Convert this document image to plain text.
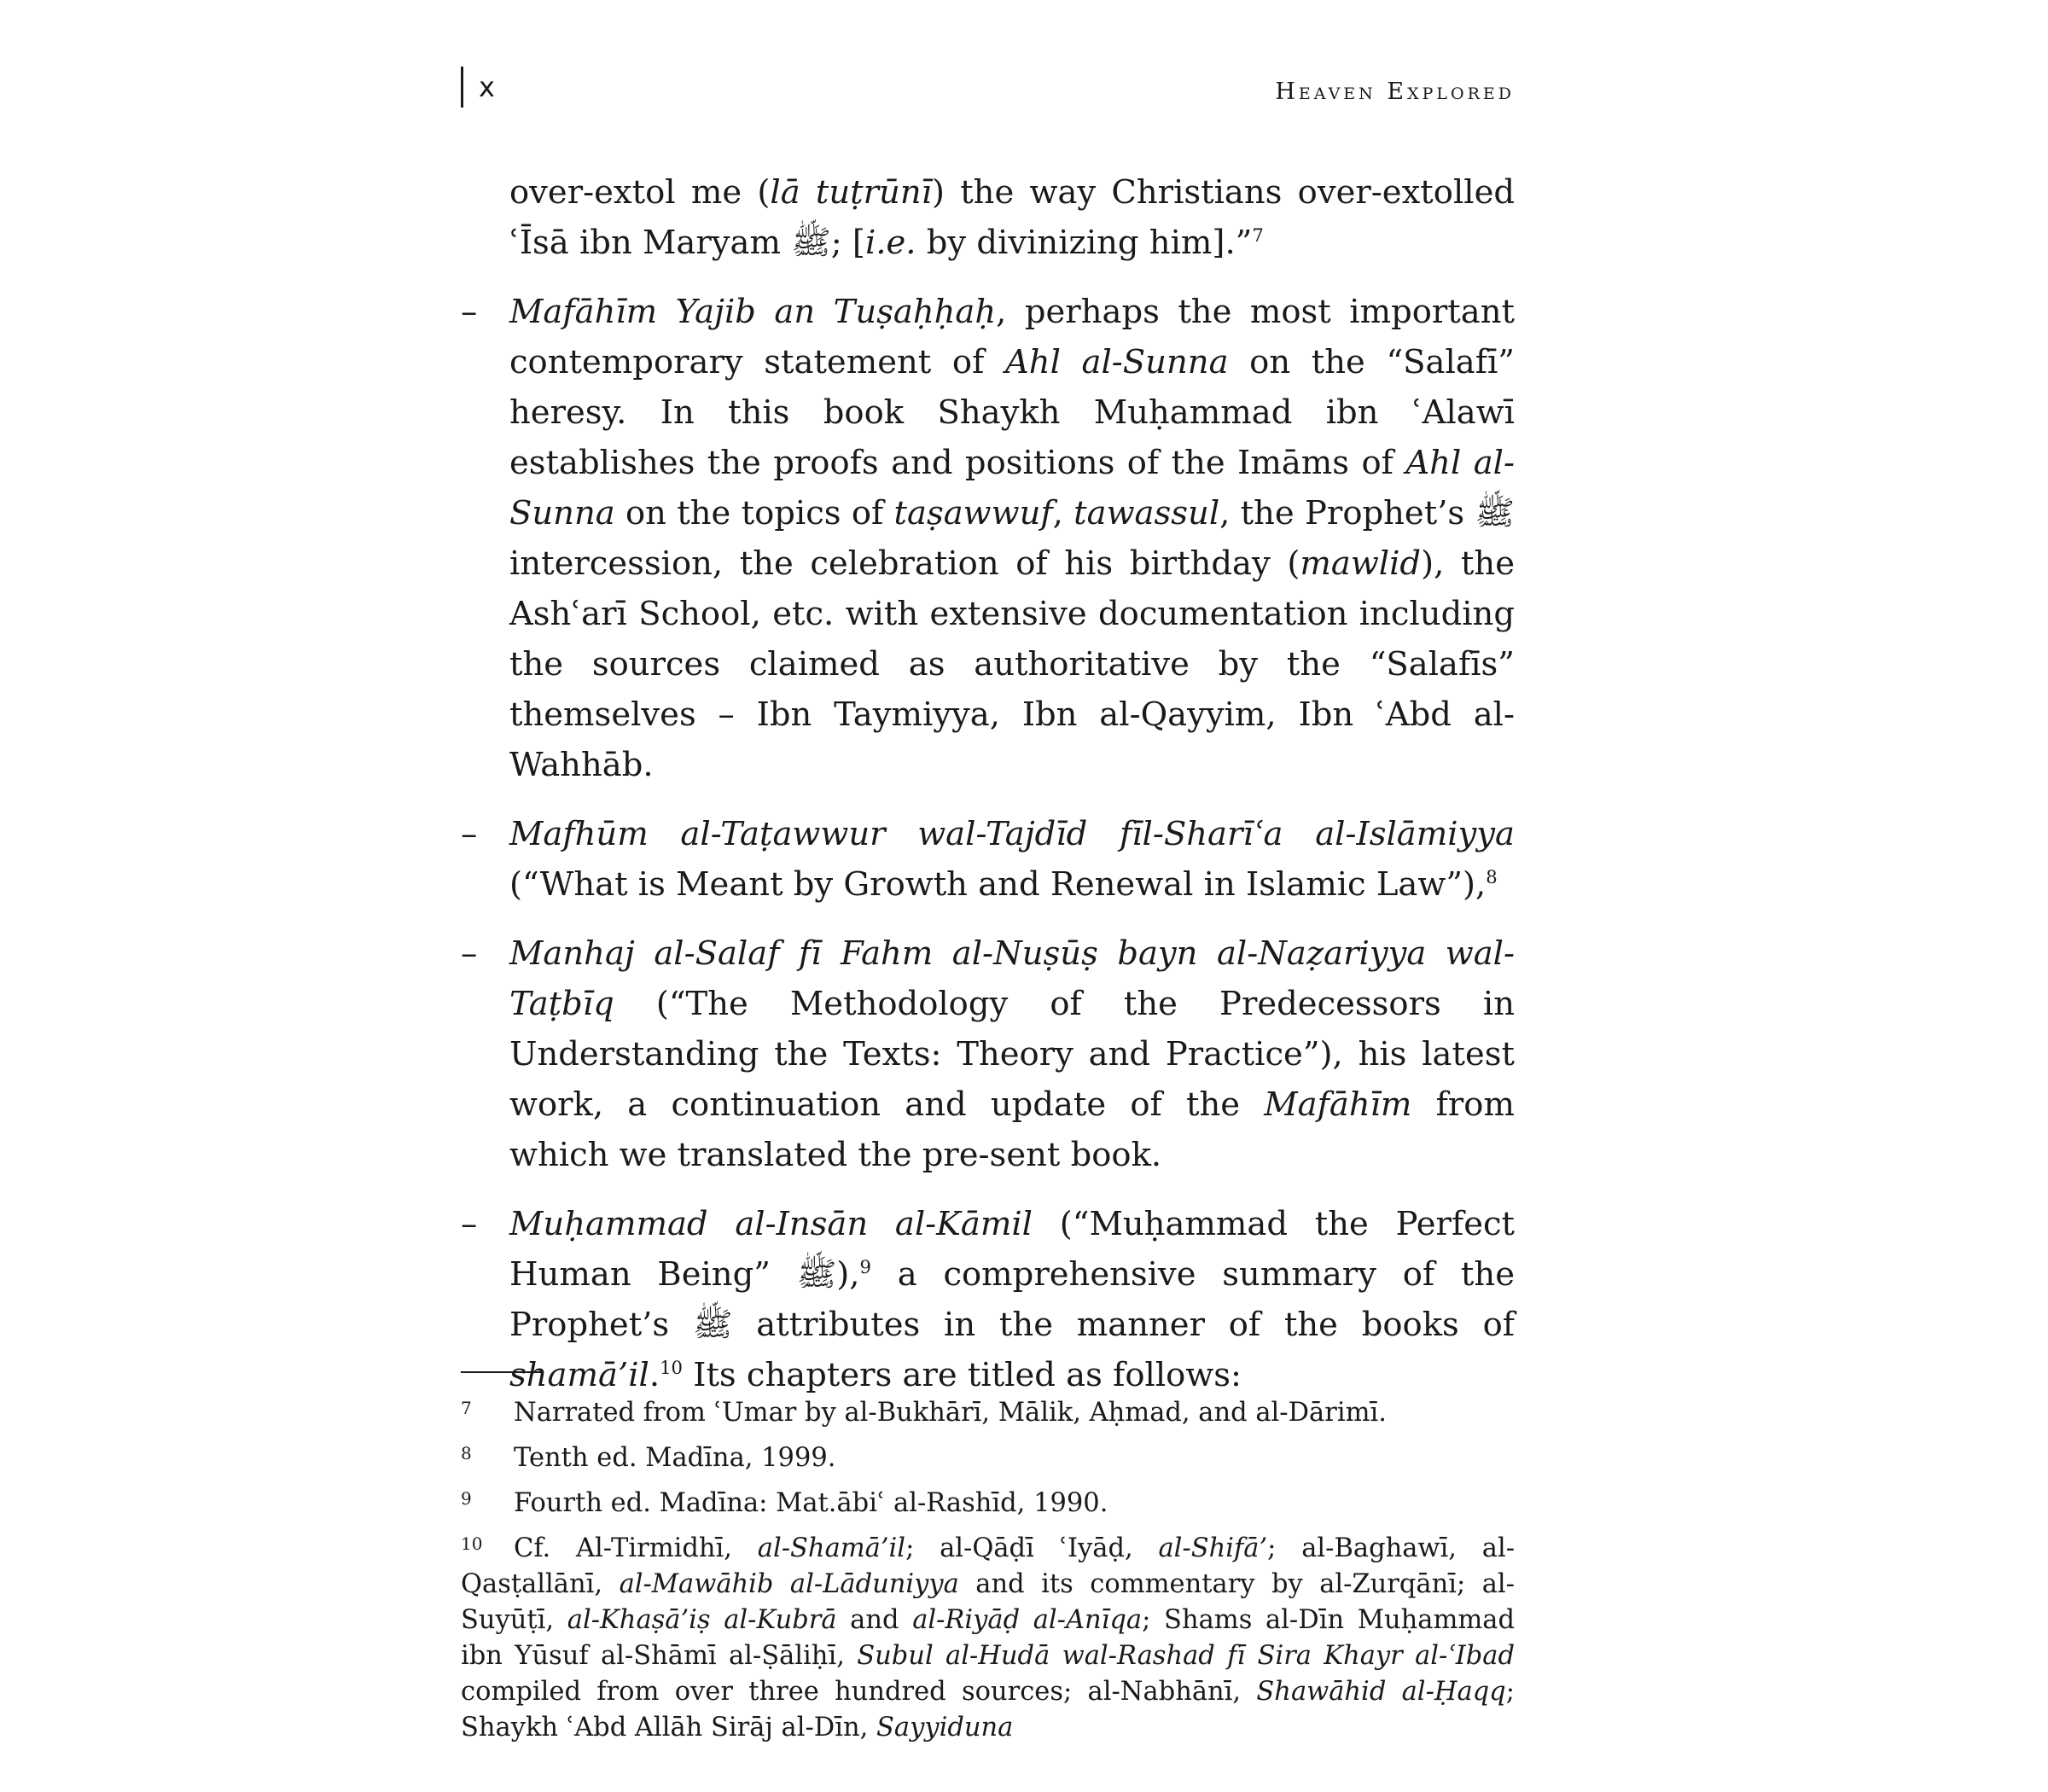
x	Heaven Explored

over-extol me (lā tuṭrūnī) the way Christians over-extolled ʿĪsā ibn Maryam ﷺ; [i.e. by divinizing him].”$^7$

– Mafāhīm Yajib an Tuṣaḥḥaḥ, perhaps the most important contemporary statement of Ahl al-Sunna on the “Salafī” heresy. In this book Shaykh Muḥammad ibn ʿAlawī establishes the proofs and positions of the Imāms of Ahl al-Sunna on the topics of taṣawwuf, tawassul, the Prophet’s ﷺ intercession, the celebration of his birthday (mawlid), the Ashʿarī School, etc. with extensive documentation including the sources claimed as authoritative by the “Salafīs” themselves – Ibn Taymiyya, Ibn al-Qayyim, Ibn ʿAbd al-Wahhāb.

– Mafhūm al-Taṭawwur wal-Tajdīd fīl-Sharīʿa al-Islāmiyya (“What is Meant by Growth and Renewal in Islamic Law”),$^8$

– Manhaj al-Salaf fī Fahm al-Nuṣūṣ bayn al-Naẓariyya wal-Taṭbīq (“The Methodology of the Predecessors in Understanding the Texts: Theory and Practice”), his latest work, a continuation and update of the Mafāhīm from which we translated the pre-sent book.

– Muḥammad al-Insān al-Kāmil (“Muḥammad the Perfect Human Being” ﷺ),$^9$ a comprehensive summary of the Prophet’s ﷺ attributes in the manner of the books of shamā’il.$^{10}$ Its chapters are titled as follows:

7 Narrated from ʿUmar by al-Bukhārī, Mālik, Aḥmad, and al-Dārimī.
8 Tenth ed. Madīna, 1999.
9 Fourth ed. Madīna: Mat.ābiʿ al-Rashīd, 1990.
10 Cf. Al-Tirmidhī, al-Shamā’il; al-Qāḍī ʿIyāḍ, al-Shifā’; al-Baghawī, al-Qasṭallānī, al-Mawāhib al-Lāduniyya and its commentary by al-Zurqānī; al-Suyūṭī, al-Khaṣā’iṣ al-Kubrā and al-Riyāḍ al-Anīqa; Shams al-Dīn Muḥammad ibn Yūsuf al-Shāmī al-Ṣāliḥī, Subul al-Hudā wal-Rashad fī Sira Khayr al-ʿIbad compiled from over three hundred sources; al-Nabhānī, Shawāhid al-Ḥaqq; Shaykh ʿAbd Allāh Sirāj al-Dīn, Sayyiduna
